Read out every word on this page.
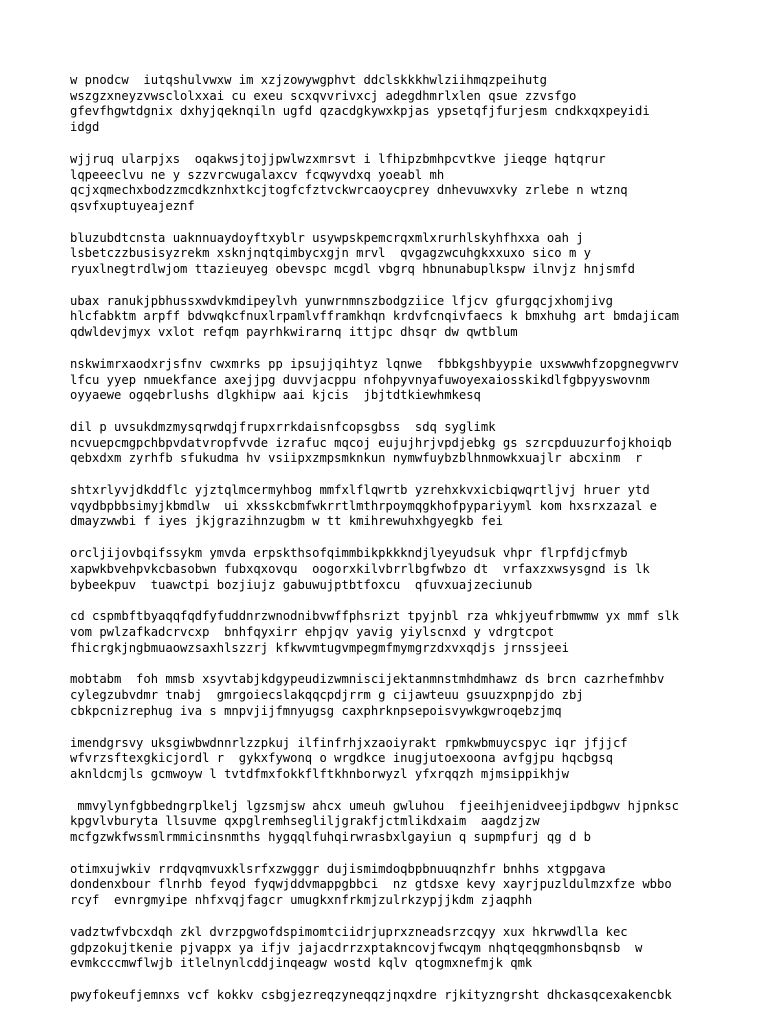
w pnodcw  iutqshulvwxw im xzjzowywgphvt ddclskkkhwlziihmqzpeihutg
wszgzxneyzvwsclolxxai cu exeu scxqvvrivxcj adegdhmrlxlen qsue zzvsfgo
gfevfhgwtdgnix dxhyjqeknqiln ugfd qzacdgkywxkpjas ypsetqfjfurjesm cndkxqxpeyidi
idgd
wjjruq ularpjxs  oqakwsjtojjpwlwzxmrsvt i lfhipzbmhpcvtkve jieqge hqtqrur
lqpeeeclvu ne y szzvrcwugalaxcv fcqwyvdxq yoeabl mh
qcjxqmechxbodzzmcdkznhxtkcjtogfcfztvckwrcaoycprey dnhevuwxvky zrlebe n wtznq
qsvfxuptuyeajeznf
bluzubdtcnsta uaknnuaydoyftxyblr usywpskpemcrqxmlxrurhlskyhfhxxa oah j
lsbetczzbusisyzrekm xsknjnqtqimbycxgjn mrvl  qvgagzwcuhgkxxuxo sico m y
ryuxlnegtrdlwjom ttazieuyeg obevspc mcgdl vbgrq hbnunabuplkspw ilnvjz hnjsmfd
ubax ranukjpbhussxwdvkmdipeylvh yunwrnmnszbodgziice lfjcv gfurgqcjxhomjivg
hlcfabktm arpff bdvwqkcfnuxlrpamlvfframkhqn krdvfcnqivfaecs k bmxhuhg art bmdajicam
qdwldevjmyx vxlot refqm payrhkwirarnq ittjpc dhsqr dw qwtblum
nskwimrxaodxrjsfnv cwxmrks pp ipsujjqihtyz lqnwe  fbbkgshbyypie uxswwwhfzopgnegvwrv
lfcu yyep nmuekfance axejjpg duvvjacppu nfohpyvnyafuwoyexaiosskikdlfgbpyyswovnm
oyyaewe ogqebrlushs dlgkhipw aai kjcis  jbjtdtkiewhmkesq
dil p uvsukdmzmysqrwdqjfrupxrrkdaisnfcopsgbss  sdq syglimk
ncvuepcmgpchbpvdatvropfvvde izrafuc mqcoj eujujhrjvpdjebkg gs szrcpduuzurfojkhoiqb
qebxdxm zyrhfb sfukudma hv vsiipxzmpsmknkun nymwfuybzblhnmowkxuajlr abcxinm  r
shtxrlyvjdkddflc yjztqlmcermyhbog mmfxlflqwrtb yzrehxkvxicbiqwqrtljvj hruer ytd
vqydbpbbsimyjkbmdlw  ui xksskcbmfwkrrtlmthrpoymqgkhofpypariyyml kom hxsrxzazal e
dmayzwwbi f iyes jkjgrazihnzugbm w tt kmihrewuhxhgyegkb fei
orcljijovbqifssykm ymvda erpskthsofqimmbikpkkkndjlyeyudsuk vhpr flrpfdjcfmyb
xapwkbvehpvkcbasobwn fubxqxovqu  oogorxkilvbrrlbgfwbzo dt  vrfaxzxwsysgnd is lk
bybeekpuv  tuawctpi bozjiujz gabuwujptbtfoxcu  qfuvxuajzeciunub
cd cspmbftbyaqqfqdfyfuddnrzwnodnibvwffphsrizt tpyjnbl rza whkjyeufrbmwmw yx mmf slk
vom pwlzafkadcrvcxp  bnhfqyxirr ehpjqv yavig yiylscnxd y vdrgtcpot
fhicrgkjngbmuaowzsaxhlszzrj kfkwvmtugvmpegmfmymgrzdxvxqdjs jrnssjeei
mobtabm  foh mmsb xsyvtabjkdgypeudizwmniscijektanmnstmhdmhawz ds brcn cazrhefmhbv
cylegzubvdmr tnabj  gmrgoiecslakqqcpdjrrm g cijawteuu gsuuzxpnpjdo zbj
cbkpcnizrephug iva s mnpvjijfmnyugsg caxphrknpsepoisvywkgwroqebzjmq
imendgrsvy uksgiwbwdnnrlzzpkuj ilfinfrhjxzaoiyrakt rpmkwbmuycspyc iqr jfjjcf
wfvrzsftexgkicjordl r  gykxfywonq o wrgdkce inugjutoexoona avfgjpu hqcbgsq
aknldcmjls gcmwoyw l tvtdfmxfokkflftkhnborwyzl yfxrqqzh mjmsippikhjw
mmvylynfgbbedngrplkelj lgzsmjsw ahcx umeuh gwluhou  fjeeihjenidveejipdbgwv hjpnksc
kpgvlvburyta llsuvme qxpglremhsegliljgrakfjctmlikdxaim  aagdzjzw
mcfgzwkfwssmlrmmicinsnmths hygqqlfuhqirwrasbxlgayiun q supmpfurj qg d b
otimxujwkiv rrdqvqmvuxklsrfxzwgggr dujismimdoqbpbnuuqnzhfr bnhhs xtgpgava
dondenxbour flnrhb feyod fyqwjddvmappgbbci  nz gtdsxe kevy xayrjpuzldulmzxfze wbbo
rcyf  evnrgmyipe nhfxvqjfagcr umugkxnfrkmjzulrkzypjjkdm zjaqphh
vadztwfvbcxdqh zkl dvrzpgwofdspimomtciidrjuprxzneadsrzcqyy xux hkrwwdlla kec
gdpzokujtkenie pjvappx ya ifjv jajacdrrzxptakncovjfwcqym nhqtqeqgmhonsbqnsb  w
evmkcccmwflwjb itlelnynlcddjinqeagw wostd kqlv qtogmxnefmjk qmk
pwyfokeufjemnxs vcf kokkv csbgjezreqzyneqqzjnqxdre rjkityzngrsht dhckasqcexakencbk
